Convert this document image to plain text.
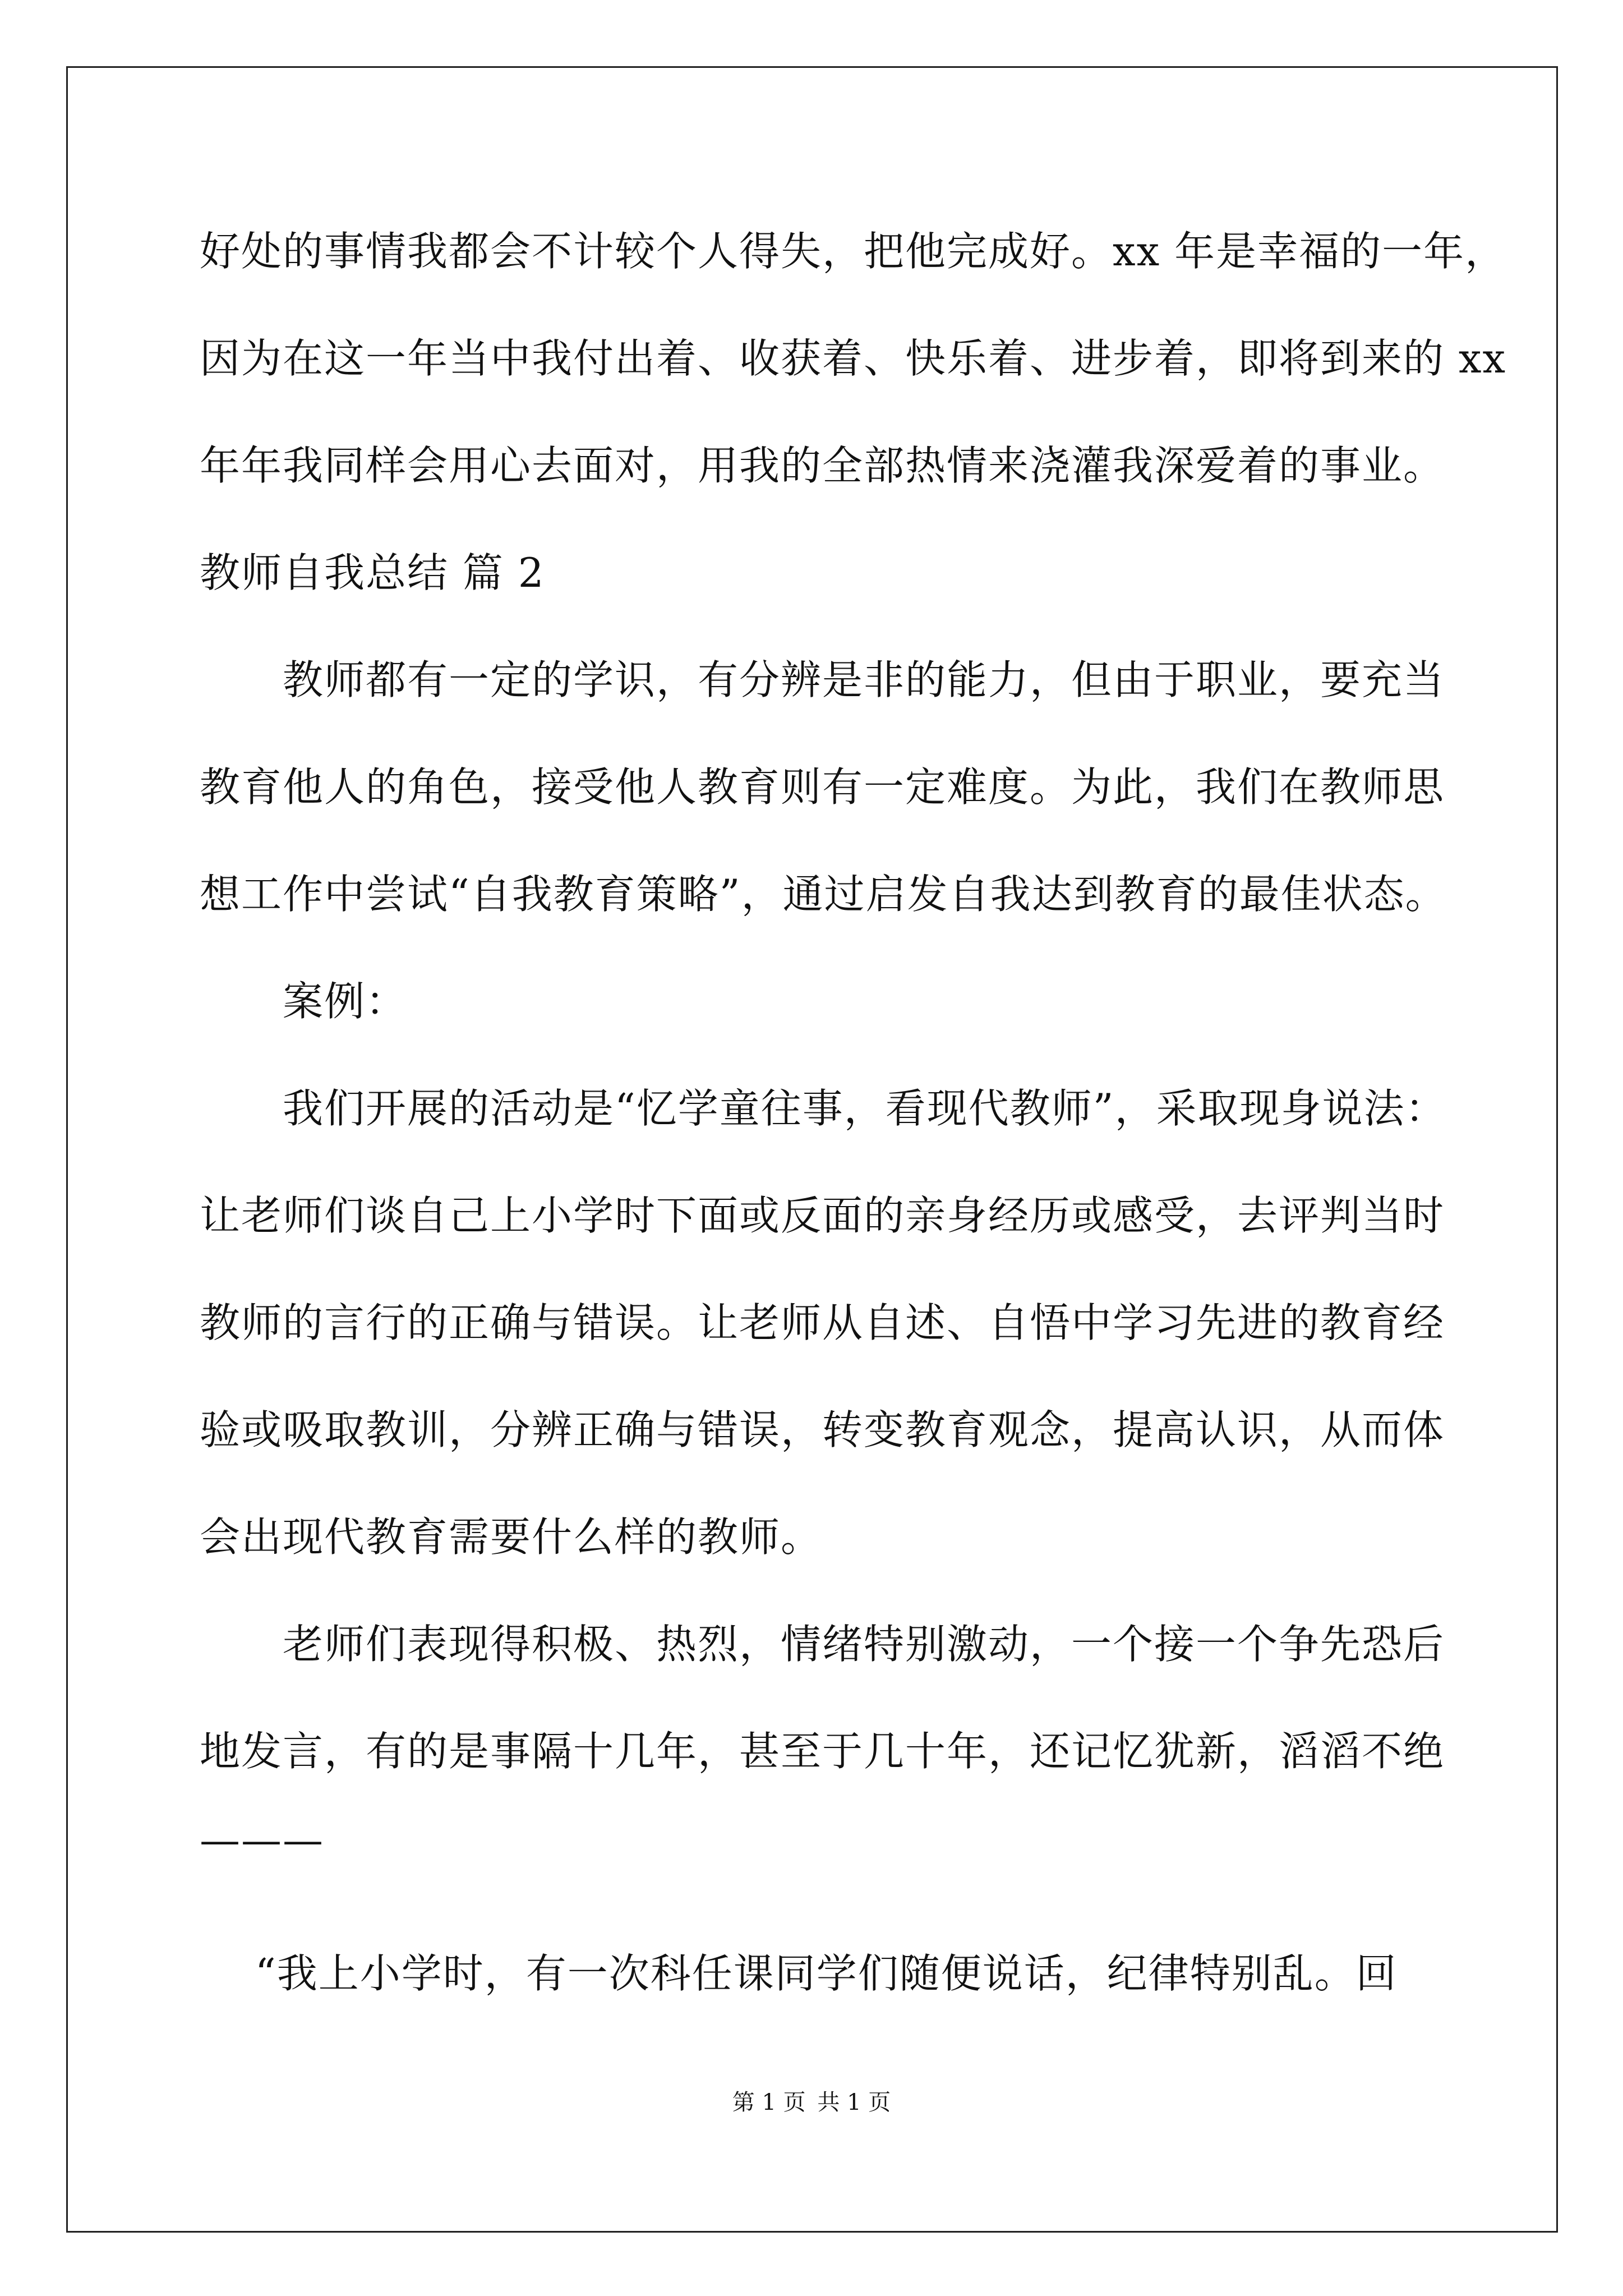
好处的事情我都会不计较个人得失，把他完成好。xx 年是幸福的一年，
因为在这一年当中我付出着、收获着、快乐着、进步着，即将到来的 xx
年年我同样会用心去面对，用我的全部热情来浇灌我深爱着的事业。
教师自我总结 篇 2
　　教师都有一定的学识，有分辨是非的能力，但由于职业，要充当
教育他人的角色，接受他人教育则有一定难度。为此，我们在教师思
想工作中尝试“自我教育策略”，通过启发自我达到教育的最佳状态。
　　案例：
　　我们开展的活动是“忆学童往事，看现代教师”，采取现身说法：
让老师们谈自己上小学时下面或反面的亲身经历或感受，去评判当时
教师的言行的正确与错误。让老师从自述、自悟中学习先进的教育经
验或吸取教训，分辨正确与错误，转变教育观念，提高认识，从而体
会出现代教育需要什么样的教师。
　　老师们表现得积极、热烈，情绪特别激动，一个接一个争先恐后
地发言，有的是事隔十几年，甚至于几十年，还记忆犹新，滔滔不绝
———
　 “我上小学时，有一次科任课同学们随便说话，纪律特别乱。回
第 1 页 共 1 页
